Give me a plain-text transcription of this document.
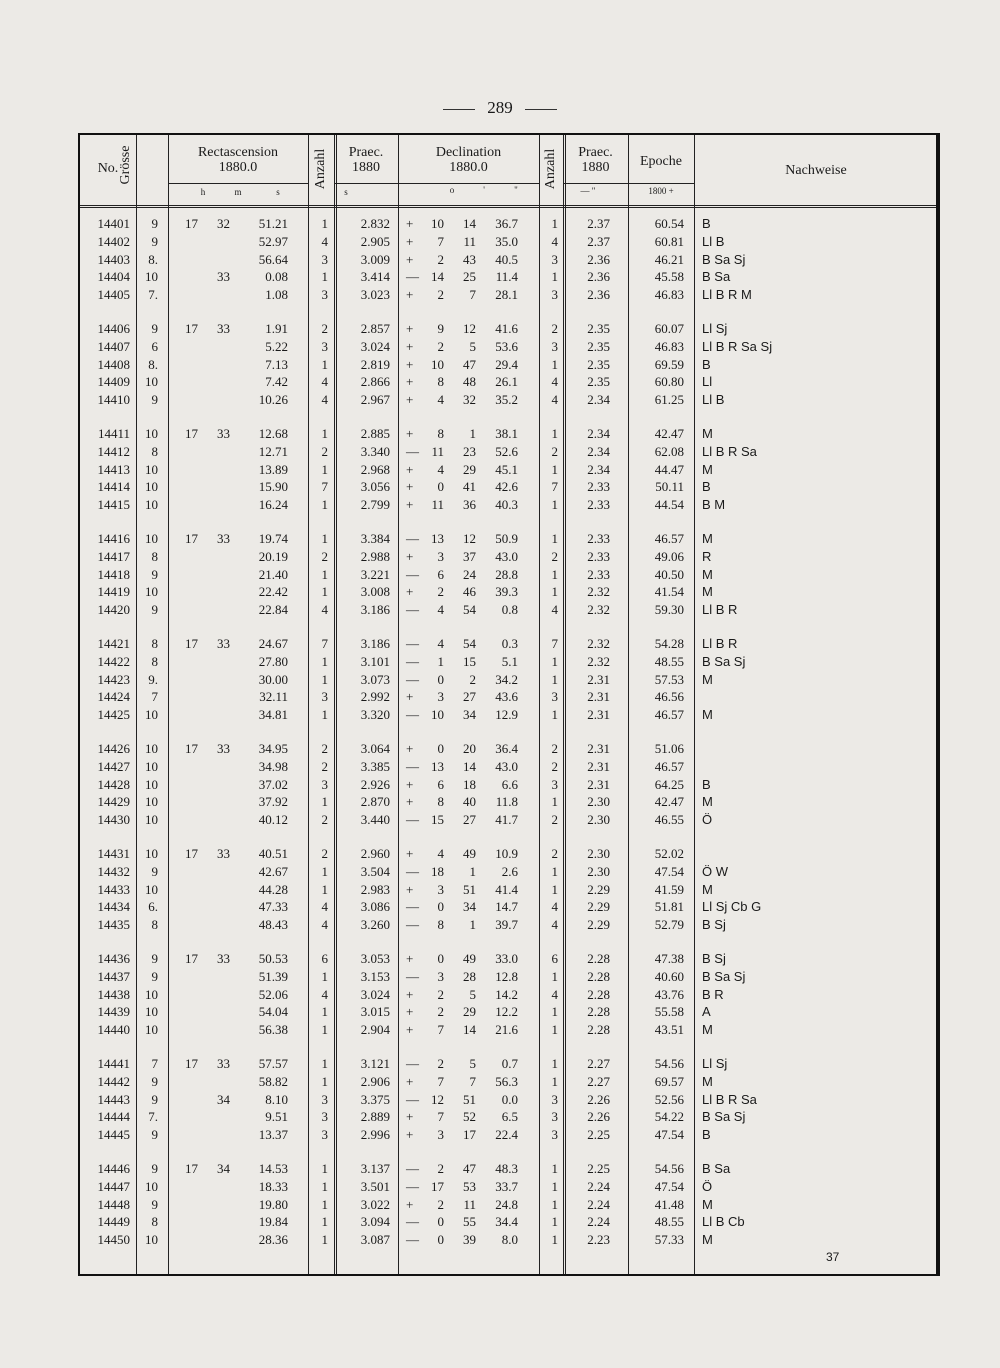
289
No. Grösse	Rectascension
1880.0
h	m	s
Anzahl	Praec.
1880
s
Declination
1880.0
o	'	"
Anzahl	Praec.
1880
— "
Epoche
1800 +
Nachweise
14401	9	17	32	51.21	1	2.832 +	10	14	36.7	1	2.37	60.54 B
14402	9	52.97	4	2.905 +	7	11	35.0	4	2.37	60.81 Ll B
14403	8.	56.64	3	3.009 +	2	43	40.5	3	2.36	46.21 B Sa Sj
14404	10	33	0.08	1	3.414 — 14	25	11.4	1	2.36	45.58 B Sa
14405	7.	1.08	3	3.023 +	2	7	28.1	3	2.36	46.83 Ll B R M
14406	9	17	33	1.91	2	2.857 +	9	12	41.6	2	2.35	60.07 Ll Sj
14407	6	5.22	3	3.024 +	2	5	53.6	3	2.35	46.83 Ll B R Sa Sj
14408	8.	7.13	1	2.819 +	10	47	29.4	1	2.35	69.59 B
14409	10	7.42	4	2.866 +	8	48	26.1	4	2.35	60.80 Ll
14410	9	10.26	4	2.967 +	4	32	35.2	4	2.34	61.25 Ll B
14411	10	17	33	12.68	1	2.885 +	8	1	38.1	1	2.34	42.47 M
14412	8	12.71	2	3.340 — 11	23	52.6	2	2.34	62.08 Ll B R Sa
14413	10	13.89	1	2.968 +	4	29	45.1	1	2.34	44.47 M
14414	10	15.90	7	3.056 +	0	41	42.6	7	2.33	50.11 B
14415	10	16.24	1	2.799 +	11	36	40.3	1	2.33	44.54 B M
14416	10	17	33	19.74	1	3.384 — 13	12	50.9	1	2.33	46.57 M
14417	8	20.19	2	2.988 +	3	37	43.0	2	2.33	49.06 R
14418	9	21.40	1	3.221 —	6	24	28.8	1	2.33	40.50 M
14419	10	22.42	1	3.008 +	2	46	39.3	1	2.32	41.54 M
14420	9	22.84	4	3.186 —	4	54	0.8	4	2.32	59.30 Ll B R
14421	8	17	33	24.67	7	3.186 —	4	54	0.3	7	2.32	54.28 Ll B R
14422	8	27.80	1	3.101 —	1	15	5.1	1	2.32	48.55 B Sa Sj
14423	9.	30.00	1	3.073 —	0	2	34.2	1	2.31	57.53 M
14424	7	32.11	3	2.992 +	3	27	43.6	3	2.31	46.56
14425	10	34.81	1	3.320 — 10	34	12.9	1	2.31	46.57 M
14426	10	17	33	34.95	2	3.064 +	0	20	36.4	2	2.31	51.06
14427	10	34.98	2	3.385 — 13	14	43.0	2	2.31	46.57
14428	10	37.02	3	2.926 +	6	18	6.6	3	2.31	64.25 B
14429	10	37.92	1	2.870 +	8	40	11.8	1	2.30	42.47 M
14430	10	40.12	2	3.440 — 15	27	41.7	2	2.30	46.55 Ö
14431	10	17	33	40.51	2	2.960 +	4	49	10.9	2	2.30	52.02
14432	9	42.67	1	3.504 — 18	1	2.6	1	2.30	47.54 Ö W
14433	10	44.28	1	2.983 +	3	51	41.4	1	2.29	41.59 M
14434	6.	47.33	4	3.086 —	0	34	14.7	4	2.29	51.81 Ll Sj Cb G
14435	8	48.43	4	3.260 —	8	1	39.7	4	2.29	52.79 B Sj
14436	9	17	33	50.53	6	3.053 +	0	49	33.0	6	2.28	47.38 B Sj
14437	9	51.39	1	3.153 —	3	28	12.8	1	2.28	40.60 B Sa Sj
14438	10	52.06	4	3.024 +	2	5	14.2	4	2.28	43.76 B R
14439	10	54.04	1	3.015 +	2	29	12.2	1	2.28	55.58 A
14440	10	56.38	1	2.904 +	7	14	21.6	1	2.28	43.51 M
14441	7	17	33	57.57	1	3.121 —	2	5	0.7	1	2.27	54.56 Ll Sj
14442	9	58.82	1	2.906 +	7	7	56.3	1	2.27	69.57 M
14443	9	34	8.10	3	3.375 — 12	51	0.0	3	2.26	52.56 Ll B R Sa
14444	7.	9.51	3	2.889 +	7	52	6.5	3	2.26	54.22 B Sa Sj
14445	9	13.37	3	2.996 +	3	17	22.4	3	2.25	47.54 B
14446	9	17	34	14.53	1	3.137 —	2	47	48.3	1	2.25	54.56 B Sa
14447	10	18.33	1	3.501 — 17	53	33.7	1	2.24	47.54 Ö
14448	9	19.80	1	3.022 +	2	11	24.8	1	2.24	41.48 M
14449	8	19.84	1	3.094 —	0	55	34.4	1	2.24	48.55 Ll B Cb
14450	10	28.36	1	3.087 —	0	39	8.0	1	2.23	57.33 M
37
